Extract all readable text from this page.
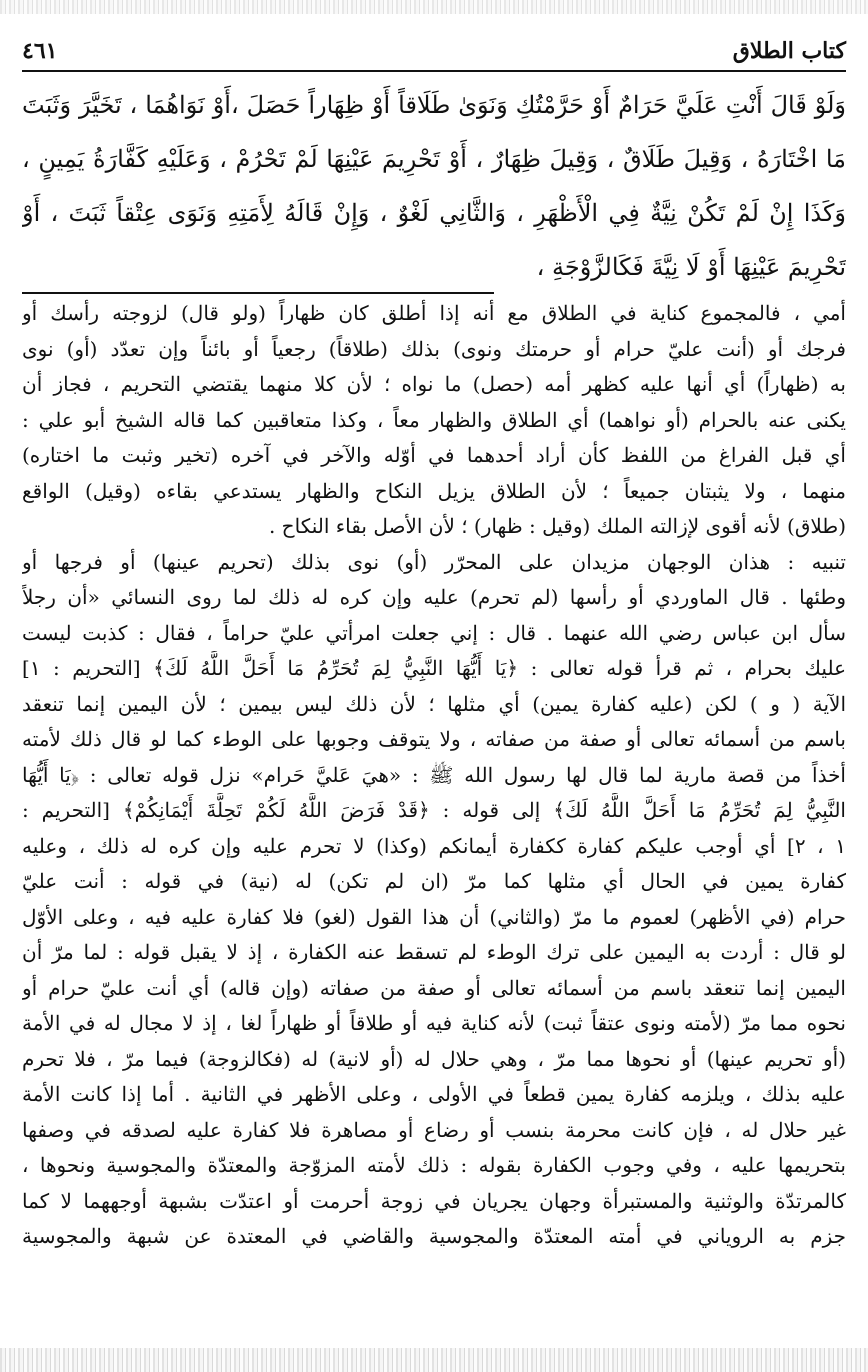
كتاب الطلاق
٤٦١
وَلَوْ قَالَ أَنْتِ عَلَيَّ حَرَامٌ أَوْ حَرَّمْتُكِ وَنَوَىٰ طَلَاقاً أَوْ ظِهَاراً حَصَلَ ،أَوْ نَوَاهُمَا ، تَخَيَّرَ وَثَبَتَ
مَا اخْتَارَهُ ، وَقِيلَ طَلَاقٌ ، وَقِيلَ ظِهَارٌ ، أَوْ تَحْرِيمَ عَيْنِهَا لَمْ تَحْرُمْ ، وَعَلَيْهِ كَفَّارَةُ يَمِينٍ ،
وَكَذَا إِنْ لَمْ تَكُنْ نِيَّةٌ فِي الْأَظْهَرِ ، وَالثَّانِي لَغْوٌ ، وَإِنْ قَالَهُ لِأَمَتِهِ وَنَوَى عِتْقاً ثَبَتَ ، أَوْ
تَحْرِيمَ عَيْنِهَا أَوْ لَا نِيَّةَ فَكَالزَّوْجَةِ ،
أمي ، فالمجموع كناية في الطلاق مع أنه إذا أطلق كان ظهاراً (ولو قال) لزوجته رأسك أو
فرجك أو (أنت عليّ حرام أو حرمتك ونوى) بذلك (طلاقاً) رجعياً أو بائناً وإن تعدّد (أو) نوى
به (ظهاراً) أي أنها عليه كظهر أمه (حصل) ما نواه ؛ لأن كلا منهما يقتضي التحريم ، فجاز أن
يكنى عنه بالحرام (أو نواهما) أي الطلاق والظهار معاً ، وكذا متعاقبين كما قاله الشيخ أبو علي :
أي قبل الفراغ من اللفظ كأن أراد أحدهما في أوّله والآخر في آخره (تخير وثبت ما اختاره)
منهما ، ولا يثبتان جميعاً ؛ لأن الطلاق يزيل النكاح والظهار يستدعي بقاءه (وقيل) الواقع
(طلاق) لأنه أقوى لإزالته الملك (وقيل : ظهار) ؛ لأن الأصل بقاء النكاح .
تنبيه : هذان الوجهان مزيدان على المحرّر (أو) نوى بذلك (تحريم عينها) أو فرجها أو
وطئها . قال الماوردي أو رأسها (لم تحرم) عليه وإن كره له ذلك لما روى النسائي «أن رجلاً
سأل ابن عباس رضي الله عنهما . قال : إني جعلت امرأتي عليّ حراماً ، فقال : كذبت ليست
عليك بحرام ، ثم قرأ قوله تعالى : ﴿يَا أَيُّهَا النَّبِيُّ لِمَ تُحَرِّمُ مَا أَحَلَّ اللَّهُ لَكَ﴾ [التحريم : ١]
الآية ( و ) لكن (عليه كفارة يمين) أي مثلها ؛ لأن ذلك ليس بيمين ؛ لأن اليمين إنما تنعقد
باسم من أسمائه تعالى أو صفة من صفاته ، ولا يتوقف وجوبها على الوطء كما لو قال ذلك لأمته
أخذاً من قصة مارية لما قال لها رسول الله ﷺ : «هيَ عَليَّ حَرام» نزل قوله تعالى : ﴿يَا أَيُّهَا
النَّبِيُّ لِمَ تُحَرِّمُ مَا أَحَلَّ اللَّهُ لَكَ﴾ إلى قوله : ﴿قَدْ فَرَضَ اللَّهُ لَكُمْ تَحِلَّةَ أَيْمَانِكُمْ﴾ [التحريم :
١ ، ٢] أي أوجب عليكم كفارة ككفارة أيمانكم (وكذا) لا تحرم عليه وإن كره له ذلك ، وعليه
كفارة يمين في الحال أي مثلها كما مرّ (ان لم تكن) له (نية) في قوله : أنت عليّ
حرام (في الأظهر) لعموم ما مرّ (والثاني) أن هذا القول (لغو) فلا كفارة عليه فيه ، وعلى الأوّل
لو قال : أردت به اليمين على ترك الوطء لم تسقط عنه الكفارة ، إذ لا يقبل قوله : لما مرّ أن
اليمين إنما تنعقد باسم من أسمائه تعالى أو صفة من صفاته (وإن قاله) أي أنت عليّ حرام أو
نحوه مما مرّ (لأمته ونوى عتقاً ثبت) لأنه كناية فيه أو طلاقاً أو ظهاراً لغا ، إذ لا مجال له في الأمة
(أو تحريم عينها) أو نحوها مما مرّ ، وهي حلال له (أو لانية) له (فكالزوجة) فيما مرّ ، فلا تحرم
عليه بذلك ، ويلزمه كفارة يمين قطعاً في الأولى ، وعلى الأظهر في الثانية . أما إذا كانت الأمة
غير حلال له ، فإن كانت محرمة بنسب أو رضاع أو مصاهرة فلا كفارة عليه لصدقه في وصفها
بتحريمها عليه ، وفي وجوب الكفارة بقوله : ذلك لأمته المزوّجة والمعتدّة والمجوسية ونحوها ،
كالمرتدّة والوثنية والمستبرأة وجهان يجريان في زوجة أحرمت أو اعتدّت بشبهة أوجههما لا كما
جزم به الروياني في أمته المعتدّة والمجوسية والقاضي في المعتدة عن شبهة والمجوسية
